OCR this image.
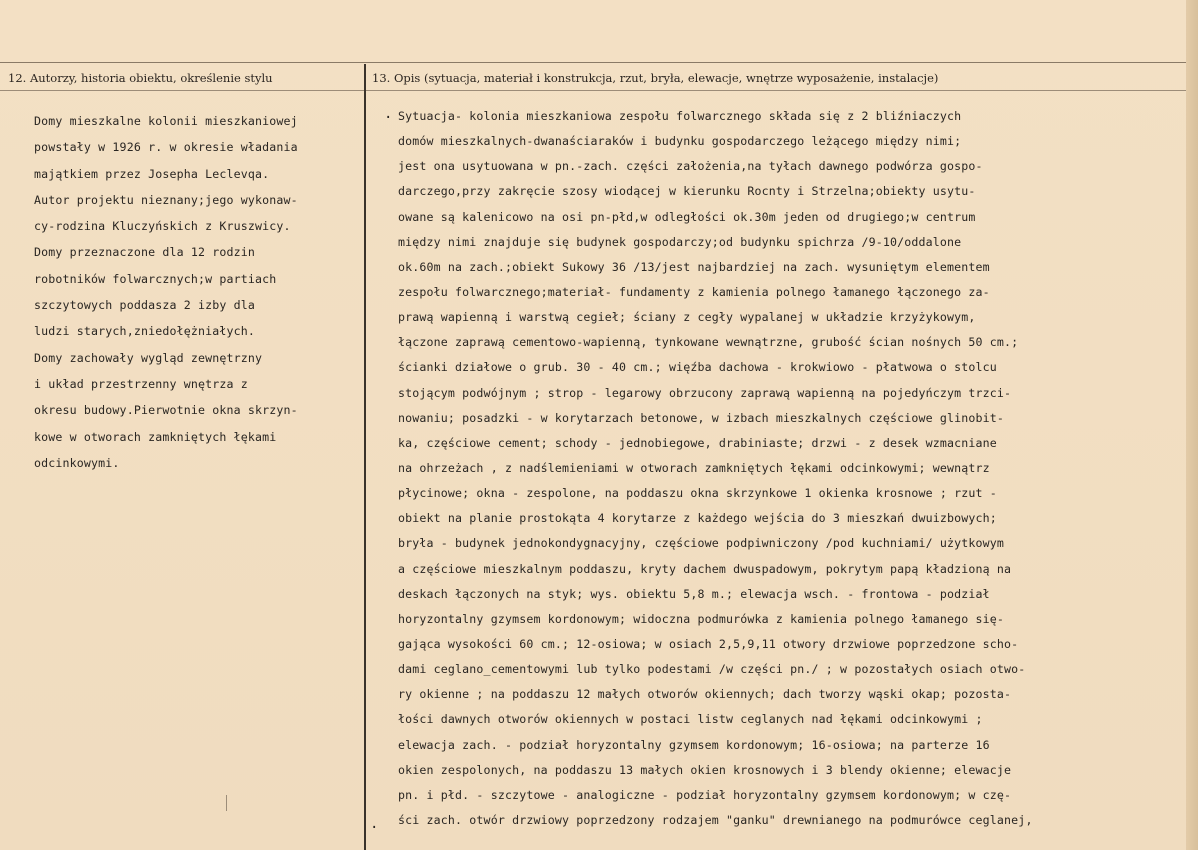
12. Autorzy, historia obiektu, określenie stylu	13. Opis (sytuacja, materiał i konstrukcja, rzut, bryła, elewacje, wnętrze wyposażenie, instalacje)
·
·
Domy mieszkalne kolonii mieszkaniowej
powstały w 1926 r. w okresie władania
majątkiem przez Josepha Leclevqa.
Autor projektu nieznany;jego wykonaw-
cy-rodzina Kluczyńskich z Kruszwicy.
Domy przeznaczone dla 12 rodzin
robotników folwarcznych;w partiach
szczytowych poddasza 2 izby dla
ludzi starych,zniedołężniałych.
Domy zachowały wygląd zewnętrzny
i układ przestrzenny wnętrza z
okresu budowy.Pierwotnie okna skrzyn-
kowe w otworach zamkniętych łękami
odcinkowymi.
Sytuacja- kolonia mieszkaniowa zespołu folwarcznego składa się z 2 bliźniaczych
domów mieszkalnych-dwanaściaraków i budynku gospodarczego leżącego między nimi;
jest ona usytuowana w pn.-zach. części założenia,na tyłach dawnego podwórza gospo-
darczego,przy zakręcie szosy wiodącej w kierunku Rocnty i Strzelna;obiekty usytu-
owane są kalenicowo na osi pn-płd,w odległości ok.30m jeden od drugiego;w centrum
między nimi znajduje się budynek gospodarczy;od budynku spichrza /9-10/oddalone
ok.60m na zach.;obiekt Sukowy 36 /13/jest najbardziej na zach. wysuniętym elementem
zespołu folwarcznego;materiał- fundamenty z kamienia polnego łamanego łączonego za-
prawą wapienną i warstwą cegieł; ściany z cegły wypalanej w układzie krzyżykowym,
łączone zaprawą cementowo-wapienną, tynkowane wewnątrzne, grubość ścian nośnych 50 cm.;
ścianki działowe o grub. 30 - 40 cm.; więźba dachowa - krokwiowo - płatwowa o stolcu
stojącym podwójnym ; strop - legarowy obrzucony zaprawą wapienną na pojedyńczym trzci-
nowaniu; posadzki - w korytarzach betonowe, w izbach mieszkalnych częściowe glinobit-
ka, częściowe cement; schody - jednobiegowe, drabiniaste; drzwi - z desek wzmacniane
na ohrzeżach , z nadślemieniami w otworach zamkniętych łękami odcinkowymi; wewnątrz
płycinowe; okna - zespolone, na poddaszu okna skrzynkowe 1 okienka krosnowe ; rzut -
obiekt na planie prostokąta 4 korytarze z każdego wejścia do 3 mieszkań dwuizbowych;
bryła - budynek jednokondygnacyjny, częściowe podpiwniczony /pod kuchniami/ użytkowym
a częściowe mieszkalnym poddaszu, kryty dachem dwuspadowym, pokrytym papą kładzioną na
deskach łączonych na styk; wys. obiektu 5,8 m.; elewacja wsch. - frontowa - podział
horyzontalny gzymsem kordonowym; widoczna podmurówka z kamienia polnego łamanego się-
gająca wysokości 60 cm.; 12-osiowa; w osiach 2,5,9,11 otwory drzwiowe poprzedzone scho-
dami ceglano_cementowymi lub tylko podestami /w części pn./ ; w pozostałych osiach otwo-
ry okienne ; na poddaszu 12 małych otworów okiennych; dach tworzy wąski okap; pozosta-
łości dawnych otworów okiennych w postaci listw ceglanych nad łękami odcinkowymi ;
elewacja zach. - podział horyzontalny gzymsem kordonowym; 16-osiowa; na parterze 16
okien zespolonych, na poddaszu 13 małych okien krosnowych i 3 blendy okienne; elewacje
pn. i płd. - szczytowe - analogiczne - podział horyzontalny gzymsem kordonowym; w czę-
ści zach. otwór drzwiowy poprzedzony rodzajem "ganku" drewnianego na podmurówce ceglanej,
